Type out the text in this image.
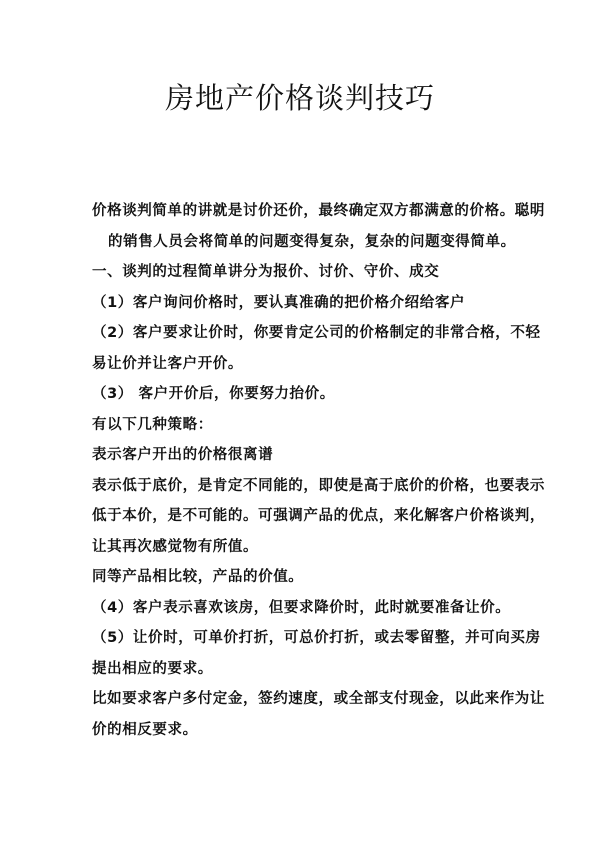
房地产价格谈判技巧
价格谈判简单的讲就是讨价还价，最终确定双方都满意的价格。聪明
的销售人员会将简单的问题变得复杂，复杂的问题变得简单。
一、谈判的过程简单讲分为报价、讨价、守价、成交
（1）客户询问价格时，要认真准确的把价格介绍给客户
（2）客户要求让价时，你要肯定公司的价格制定的非常合格，不轻
易让价并让客户开价。
（3） 客户开价后，你要努力抬价。
有以下几种策略：
表示客户开出的价格很离谱
表示低于底价，是肯定不同能的，即使是高于底价的价格，也要表示
低于本价，是不可能的。可强调产品的优点，来化解客户价格谈判，
让其再次感觉物有所值。
同等产品相比较，产品的价值。
（4）客户表示喜欢该房，但要求降价时，此时就要准备让价。
（5）让价时，可单价打折，可总价打折，或去零留整，并可向买房
提出相应的要求。
比如要求客户多付定金，签约速度，或全部支付现金，以此来作为让
价的相反要求。
